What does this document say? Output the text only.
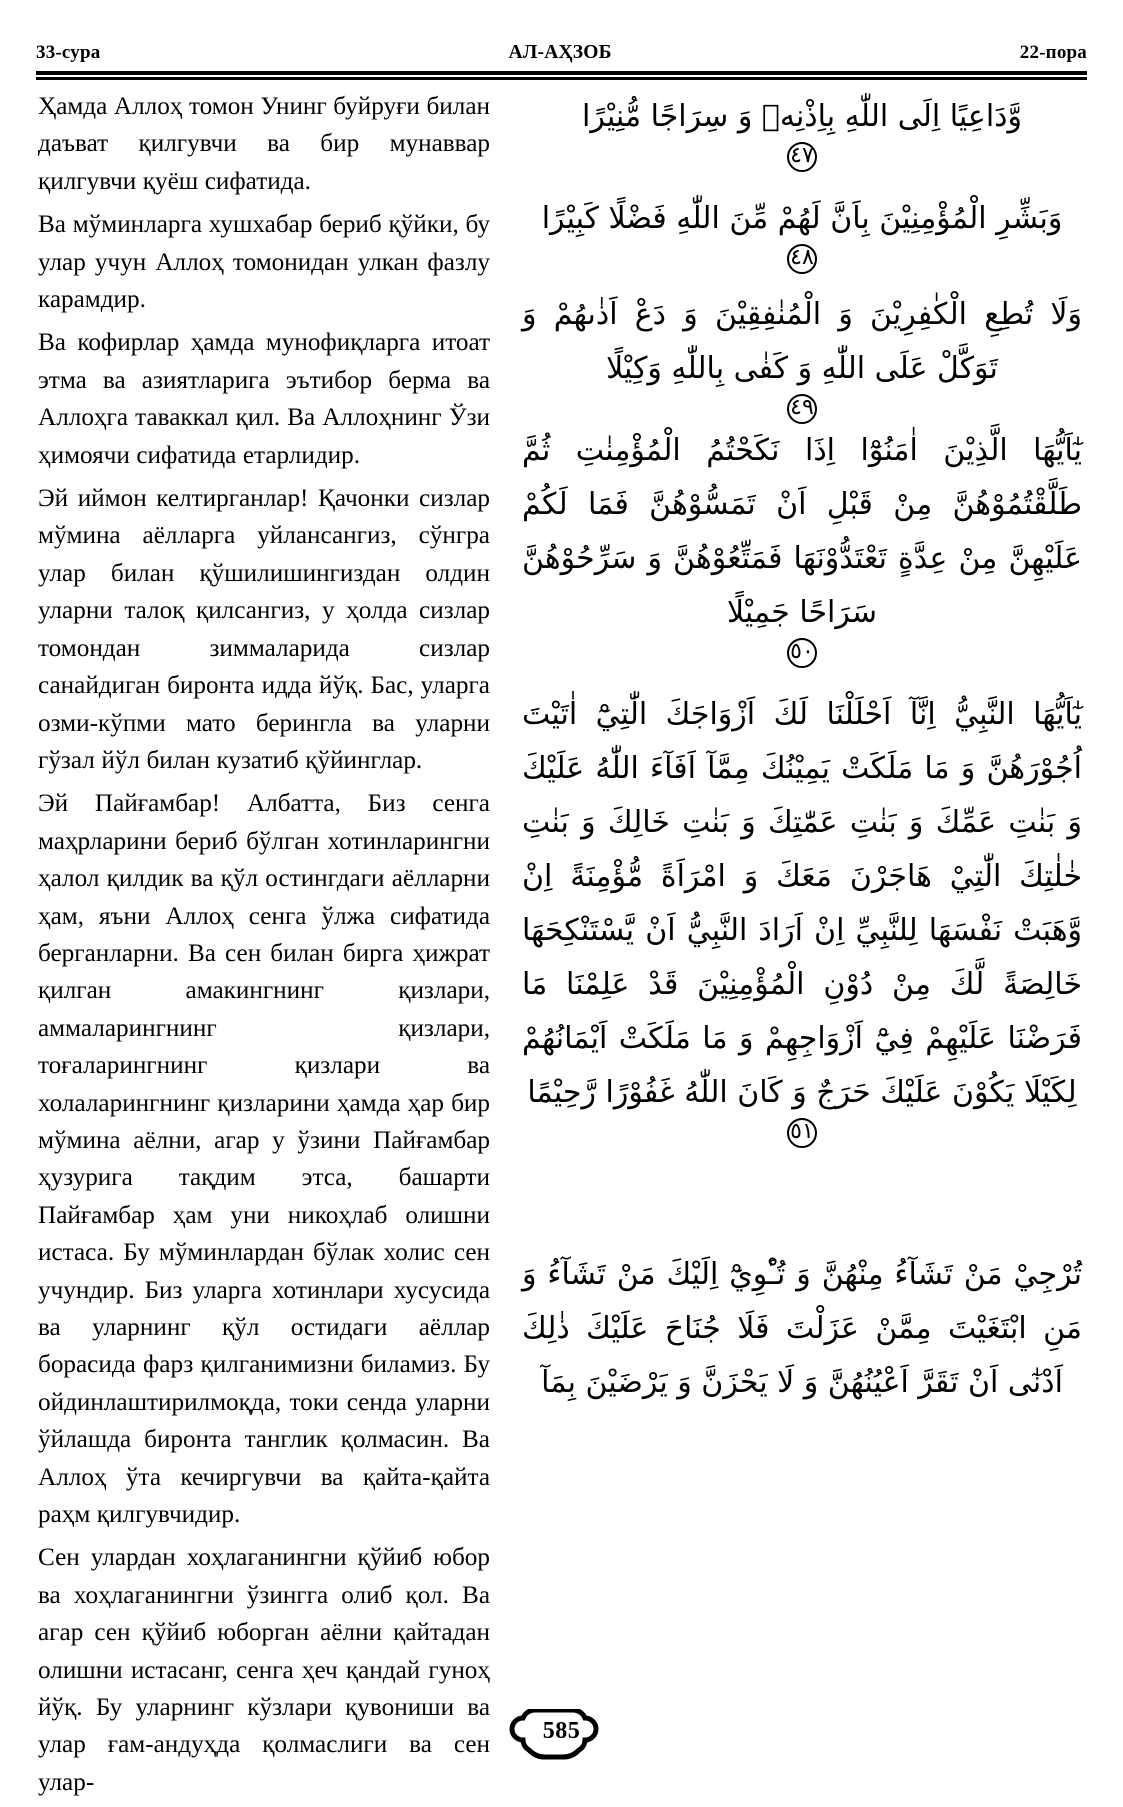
33-сура	АЛ-АҲЗОБ	22-пора

Ҳамда Аллоҳ томон Унинг буйруғи билан даъват қилгувчи ва бир мунаввар қилгувчи қуёш сифатида.

Ва мўминларга хушхабар бериб қўйки, бу улар учун Аллоҳ томонидан улкан фазлу карамдир.

Ва кофирлар ҳамда мунофиқларга итоат этма ва азиятларига эътибор берма ва Аллоҳга таваккал қил. Ва Аллоҳнинг Ўзи ҳимоячи сифатида етарлидир.

Эй иймон келтирганлар! Қачонки сизлар мўмина аёлларга уйлансангиз, сўнгра улар билан қўшилишингиздан олдин уларни талоқ қилсангиз, у ҳолда сизлар томондан зиммаларида сизлар санайдиган биронта идда йўқ. Бас, уларга озми-кўпми мато берингла ва уларни гўзал йўл билан кузатиб қўйинглар.

Эй Пайғамбар! Албатта, Биз сенга маҳрларини бериб бўлган хотинларингни ҳалол қилдик ва қўл остингдаги аёлларни ҳам, яъни Аллоҳ сенга ўлжа сифатида берганларни. Ва сен билан бирга ҳижрат қилган амакингнинг қизлари, аммаларингнинг қизлари, тоғаларингнинг қизлари ва холаларингнинг қизларини ҳамда ҳар бир мўмина аёлни, агар у ўзини Пайғамбар ҳузурига тақдим этса, башарти Пайғамбар ҳам уни никоҳлаб олишни истаса. Бу мўминлардан бўлак холис сен учундир. Биз уларга хотинлари хусусида ва уларнинг қўл остидаги аёллар борасида фарз қилганимизни биламиз. Бу ойдинлаштирилмоқда, токи сенда уларни ўйлашда биронта танглик қолмасин. Ва Аллоҳ ўта кечиргувчи ва қайта-қайта раҳм қилгувчидир.

Сен улардан хоҳлаганингни қўйиб юбор ва хоҳлаганингни ўзингга олиб қол. Ва агар сен қўйиб юборган аёлни қайтадан олишни истасанг, сенга ҳеч қандай гуноҳ йўқ. Бу уларнинг кўзлари қувониши ва улар ғам-андуҳда қолмаслиги ва сен улар-

وَّدَاعِيًا اِلَى اللّٰهِ بِاِذْنِهٖ وَ سِرَاجًا مُّنِيْرًا

٤٧

وَبَشِّرِ الْمُؤْمِنِيْنَ بِاَنَّ لَهُمْ مِّنَ اللّٰهِ فَضْلًا كَبِيْرًا

٤٨

وَلَا تُطِعِ الْكٰفِرِيْنَ وَ الْمُنٰفِقِيْنَ وَ دَعْ اَذٰىهُمْ وَ تَوَكَّلْ عَلَى اللّٰهِ وَ كَفٰى بِاللّٰهِ وَكِيْلًا

٤٩

يٰٓاَيُّهَا الَّذِيْنَ اٰمَنُوْٓا اِذَا نَكَحْتُمُ الْمُؤْمِنٰتِ ثُمَّ طَلَّقْتُمُوْهُنَّ مِنْ قَبْلِ اَنْ تَمَسُّوْهُنَّ فَمَا لَكُمْ عَلَيْهِنَّ مِنْ عِدَّةٍ تَعْتَدُّوْنَهَا فَمَتِّعُوْهُنَّ وَ سَرِّحُوْهُنَّ سَرَاحًا جَمِيْلًا

٥٠

يٰٓاَيُّهَا النَّبِيُّ اِنَّآ اَحْلَلْنَا لَكَ اَزْوَاجَكَ الّٰتِيْٓ اٰتَيْتَ اُجُوْرَهُنَّ وَ مَا مَلَكَتْ يَمِيْنُكَ مِمَّآ اَفَآءَ اللّٰهُ عَلَيْكَ وَ بَنٰتِ عَمِّكَ وَ بَنٰتِ عَمّٰتِكَ وَ بَنٰتِ خَالِكَ وَ بَنٰتِ خٰلٰتِكَ الّٰتِيْ هَاجَرْنَ مَعَكَ وَ امْرَاَةً مُّؤْمِنَةً اِنْ وَّهَبَتْ نَفْسَهَا لِلنَّبِيِّ اِنْ اَرَادَ النَّبِيُّ اَنْ يَّسْتَنْكِحَهَا خَالِصَةً لَّكَ مِنْ دُوْنِ الْمُؤْمِنِيْنَ قَدْ عَلِمْنَا مَا فَرَضْنَا عَلَيْهِمْ فِيْٓ اَزْوَاجِهِمْ وَ مَا مَلَكَتْ اَيْمَانُهُمْ لِكَيْلَا يَكُوْنَ عَلَيْكَ حَرَجٌ وَ كَانَ اللّٰهُ غَفُوْرًا رَّحِيْمًا

٥١

تُرْجِيْ مَنْ تَشَآءُ مِنْهُنَّ وَ تُـْٔوِيْٓ اِلَيْكَ مَنْ تَشَآءُ وَ مَنِ ابْتَغَيْتَ مِمَّنْ عَزَلْتَ فَلَا جُنَاحَ عَلَيْكَ ذٰلِكَ اَدْنٰٓى اَنْ تَقَرَّ اَعْيُنُهُنَّ وَ لَا يَحْزَنَّ وَ يَرْضَيْنَ بِمَآ

585
